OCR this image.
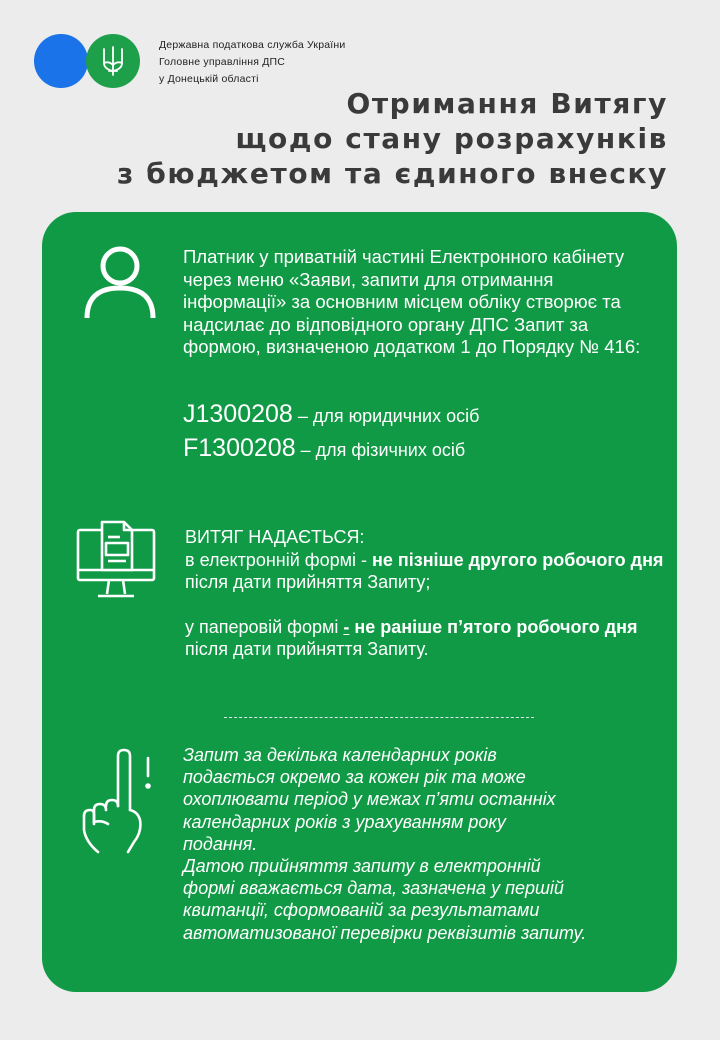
Державна податкова служба України
Головне управління ДПС
у Донецькій області
Отримання Витягу
щодо стану розрахунків
з бюджетом та єдиного внеску
Платник у приватній частині Електронного кабінету через меню «Заяви, запити для отримання інформації» за основним місцем обліку створює та надсилає до відповідного органу ДПС Запит за формою, визначеною додатком 1 до Порядку № 416:
J1300208 – для юридичних осіб
F1300208 – для фізичних осіб
ВИТЯГ НАДАЄТЬСЯ:
в електронній формі - не пізніше другого робочого дня після дати прийняття Запиту;
у паперовій формі - не раніше п’ятого робочого дня після дати прийняття Запиту.
Запит за декілька календарних років
подається окремо за кожен рік та може
охоплювати період у межах п’яти останніх
календарних років з урахуванням року
подання.
Датою прийняття запиту в електронній
формі вважається дата, зазначена у першій
квитанції, сформованій за результатами
автоматизованої перевірки реквізитів запиту.
